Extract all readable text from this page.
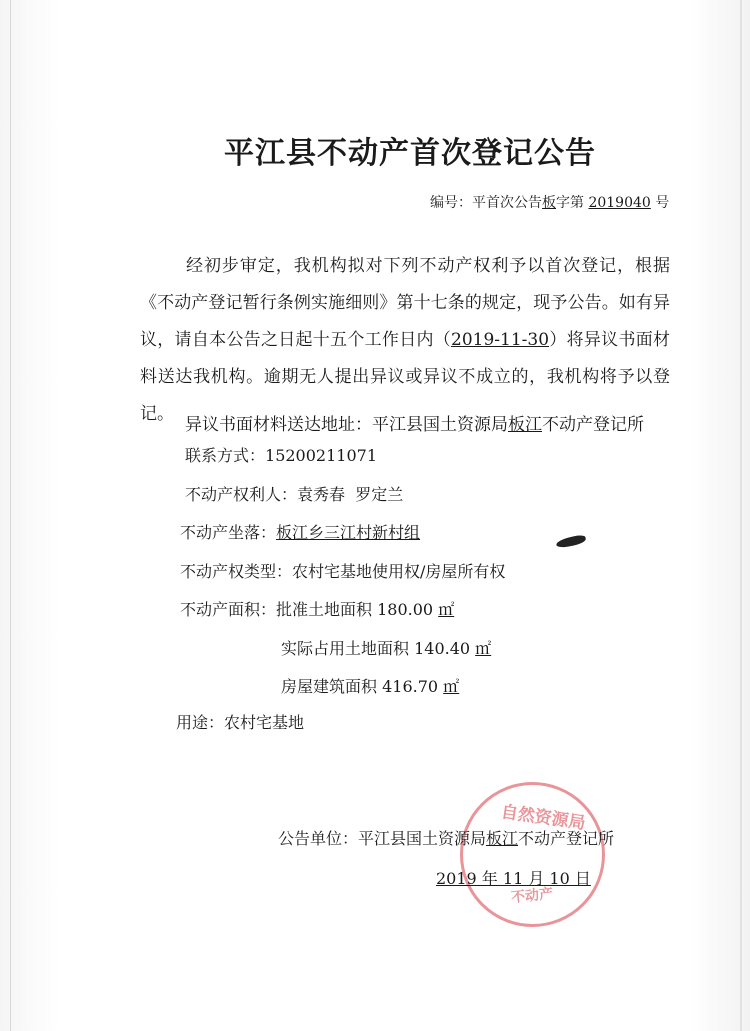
平江县不动产首次登记公告
编号：平首次公告板字第 2019040 号
经初步审定，我机构拟对下列不动产权利予以首次登记，根据《不动产登记暂行条例实施细则》第十七条的规定，现予公告。如有异议，请自本公告之日起十五个工作日内（2019-11-30）将异议书面材料送达我机构。逾期无人提出异议或异议不成立的，我机构将予以登记。
异议书面材料送达地址：平江县国土资源局板江不动产登记所
联系方式：15200211071
不动产权利人：袁秀春  罗定兰
不动产坐落：板江乡三江村新村组
不动产权类型：农村宅基地使用权/房屋所有权
不动产面积：批准土地面积 180.00 ㎡
实际占用土地面积 140.40 ㎡
房屋建筑面积 416.70 ㎡
用途：农村宅基地
自然资源局
不动产
公告单位：平江县国土资源局板江不动产登记所
2019 年 11 月 10 日
